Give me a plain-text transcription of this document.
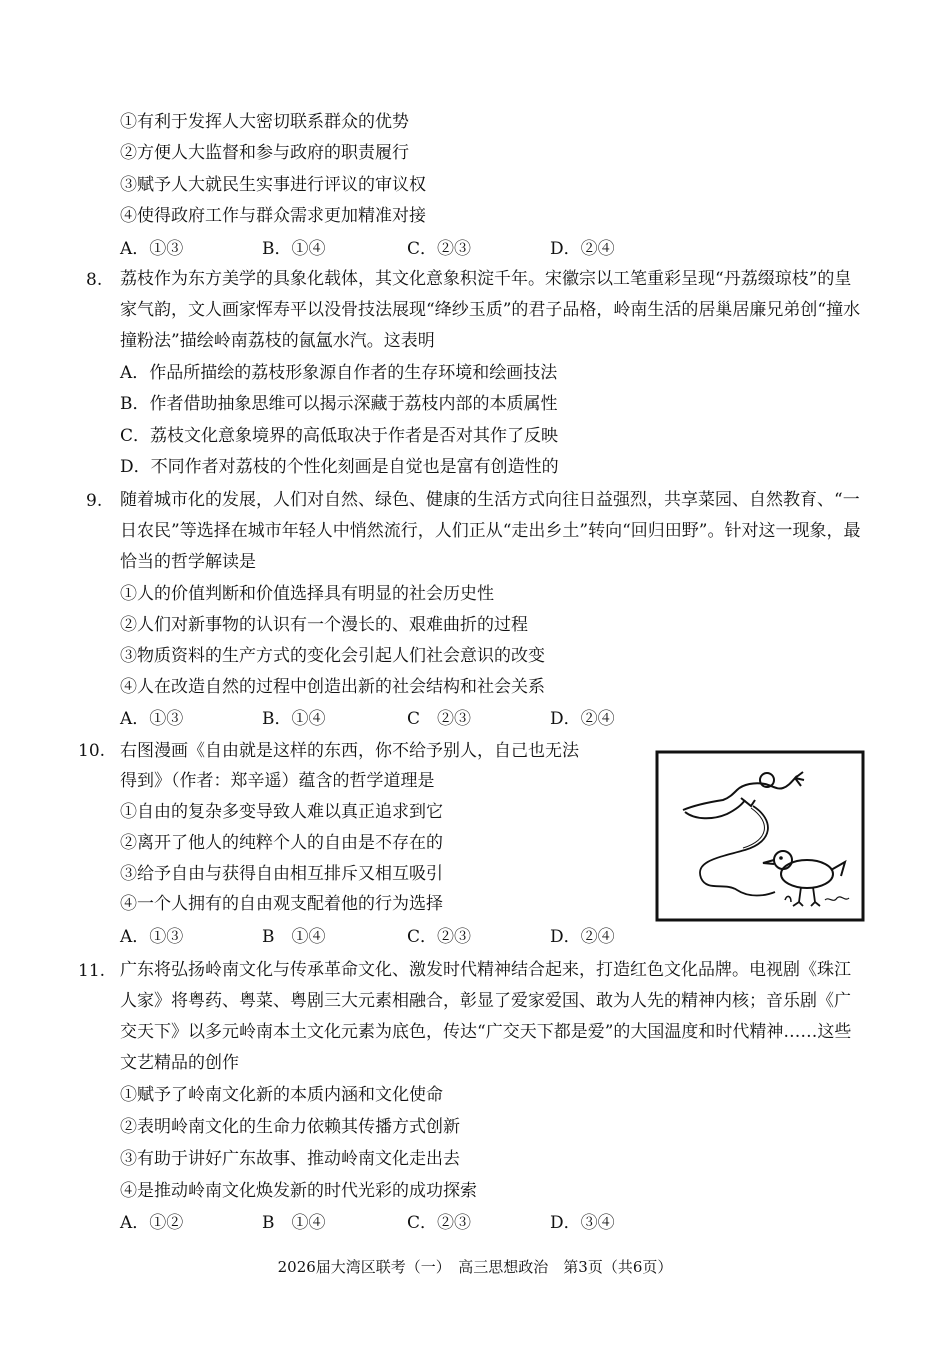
①有利于发挥人大密切联系群众的优势
②方便人大监督和参与政府的职责履行
③赋予人大就民生实事进行评议的审议权
④使得政府工作与群众需求更加精准对接
A．①③	B．①④	C．②③	D．②④
8. 荔枝作为东方美学的具象化载体，其文化意象积淀千年。宋徽宗以工笔重彩呈现“丹荔缀琼枝”的皇家气韵，文人画家恽寿平以没骨技法展现“绛纱玉质”的君子品格，岭南生活的居巢居廉兄弟创“撞水撞粉法”描绘岭南荔枝的氤氲水汽。这表明
A．作品所描绘的荔枝形象源自作者的生存环境和绘画技法
B．作者借助抽象思维可以揭示深藏于荔枝内部的本质属性
C．荔枝文化意象境界的高低取决于作者是否对其作了反映
D．不同作者对荔枝的个性化刻画是自觉也是富有创造性的
9. 随着城市化的发展，人们对自然、绿色、健康的生活方式向往日益强烈，共享菜园、自然教育、“一日农民”等选择在城市年轻人中悄然流行，人们正从“走出乡土”转向“回归田野”。针对这一现象，最恰当的哲学解读是
①人的价值判断和价值选择具有明显的社会历史性
②人们对新事物的认识有一个漫长的、艰难曲折的过程
③物质资料的生产方式的变化会引起人们社会意识的改变
④人在改造自然的过程中创造出新的社会结构和社会关系
A．①③	B．①④	C　②③	D．②④
10. 右图漫画《自由就是这样的东西，你不给予别人，自己也无法
得到》（作者：郑辛遥）蕴含的哲学道理是
①自由的复杂多变导致人难以真正追求到它
②离开了他人的纯粹个人的自由是不存在的
③给予自由与获得自由相互排斥又相互吸引
④一个人拥有的自由观支配着他的行为选择
A．①③	B　①④	C．②③	D．②④
11. 广东将弘扬岭南文化与传承革命文化、激发时代精神结合起来，打造红色文化品牌。电视剧《珠江人家》将粤药、粤菜、粤剧三大元素相融合，彰显了爱家爱国、敢为人先的精神内核；音乐剧《广交天下》以多元岭南本土文化元素为底色，传达“广交天下都是爱”的大国温度和时代精神……这些文艺精品的创作
①赋予了岭南文化新的本质内涵和文化使命
②表明岭南文化的生命力依赖其传播方式创新
③有助于讲好广东故事、推动岭南文化走出去
④是推动岭南文化焕发新的时代光彩的成功探索
A．①②	B　①④	C．②③	D．③④
2026届大湾区联考（一）　高三思想政治　第3页（共6页）
